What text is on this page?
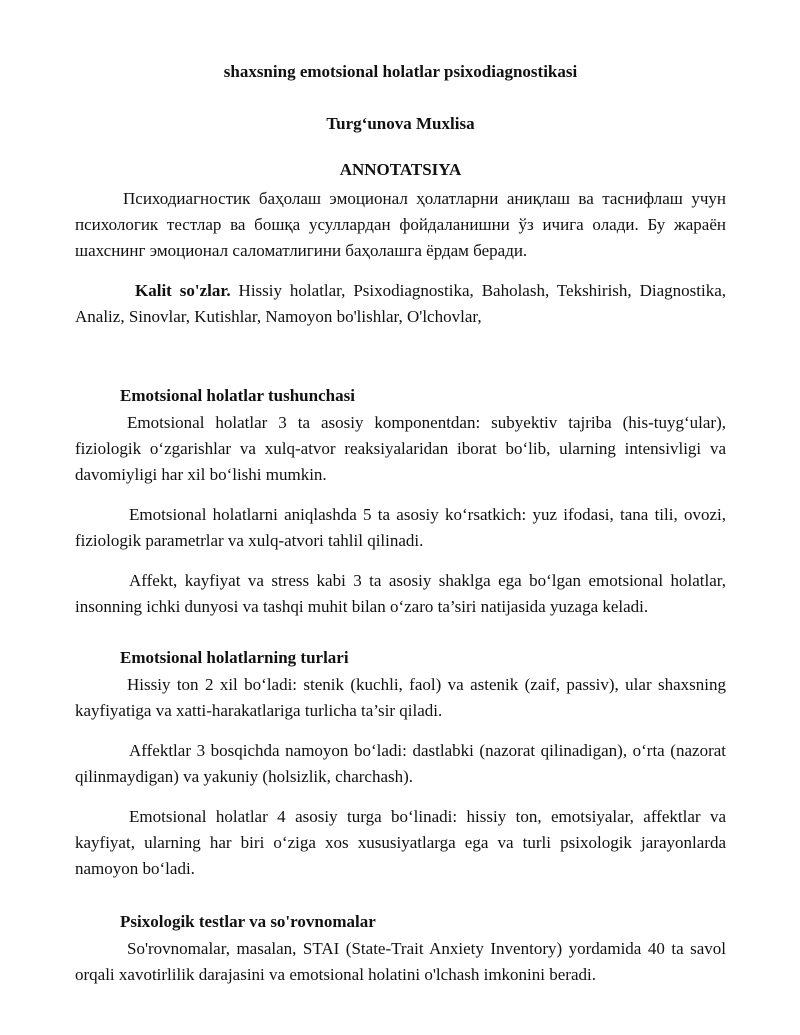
shaxsning emotsional holatlar psixodiagnostikasi
Turg‘unova Muxlisa
ANNOTATSIYA

Психодиагностик баҳолаш эмоционал ҳолатларни аниқлаш ва таснифлаш учун психологик тестлар ва бошқа усуллардан фойдаланишни ўз ичига олади. Бу жараён шахснинг эмоционал саломатлигини баҳолашга ёрдам беради.

Kalit so'zlar. Hissiy holatlar, Psixodiagnostika, Baholash, Tekshirish, Diagnostika, Analiz, Sinovlar, Kutishlar, Namoyon bo'lishlar, O'lchovlar,

Emotsional holatlar tushunchasi

Emotsional holatlar 3 ta asosiy komponentdan: subyektiv tajriba (his-tuyg‘ular), fiziologik o‘zgarishlar va xulq-atvor reaksiyalaridan iborat bo‘lib, ularning intensivligi va davomiyligi har xil bo‘lishi mumkin.

Emotsional holatlarni aniqlashda 5 ta asosiy ko‘rsatkich: yuz ifodasi, tana tili, ovozi, fiziologik parametrlar va xulq-atvori tahlil qilinadi.

Affekt, kayfiyat va stress kabi 3 ta asosiy shaklga ega bo‘lgan emotsional holatlar, insonning ichki dunyosi va tashqi muhit bilan o‘zaro ta’siri natijasida yuzaga keladi.

Emotsional holatlarning turlari

Hissiy ton 2 xil bo‘ladi: stenik (kuchli, faol) va astenik (zaif, passiv), ular shaxsning kayfiyatiga va xatti-harakatlariga turlicha ta’sir qiladi.

Affektlar 3 bosqichda namoyon bo‘ladi: dastlabki (nazorat qilinadigan), o‘rta (nazorat qilinmaydigan) va yakuniy (holsizlik, charchash).

Emotsional holatlar 4 asosiy turga bo‘linadi: hissiy ton, emotsiyalar, affektlar va kayfiyat, ularning har biri o‘ziga xos xususiyatlarga ega va turli psixologik jarayonlarda namoyon bo‘ladi.

Psixologik testlar va so'rovnomalar

So'rovnomalar, masalan, STAI (State-Trait Anxiety Inventory) yordamida 40 ta savol orqali xavotirlilik darajasini va emotsional holatini o'lchash imkonini beradi.
